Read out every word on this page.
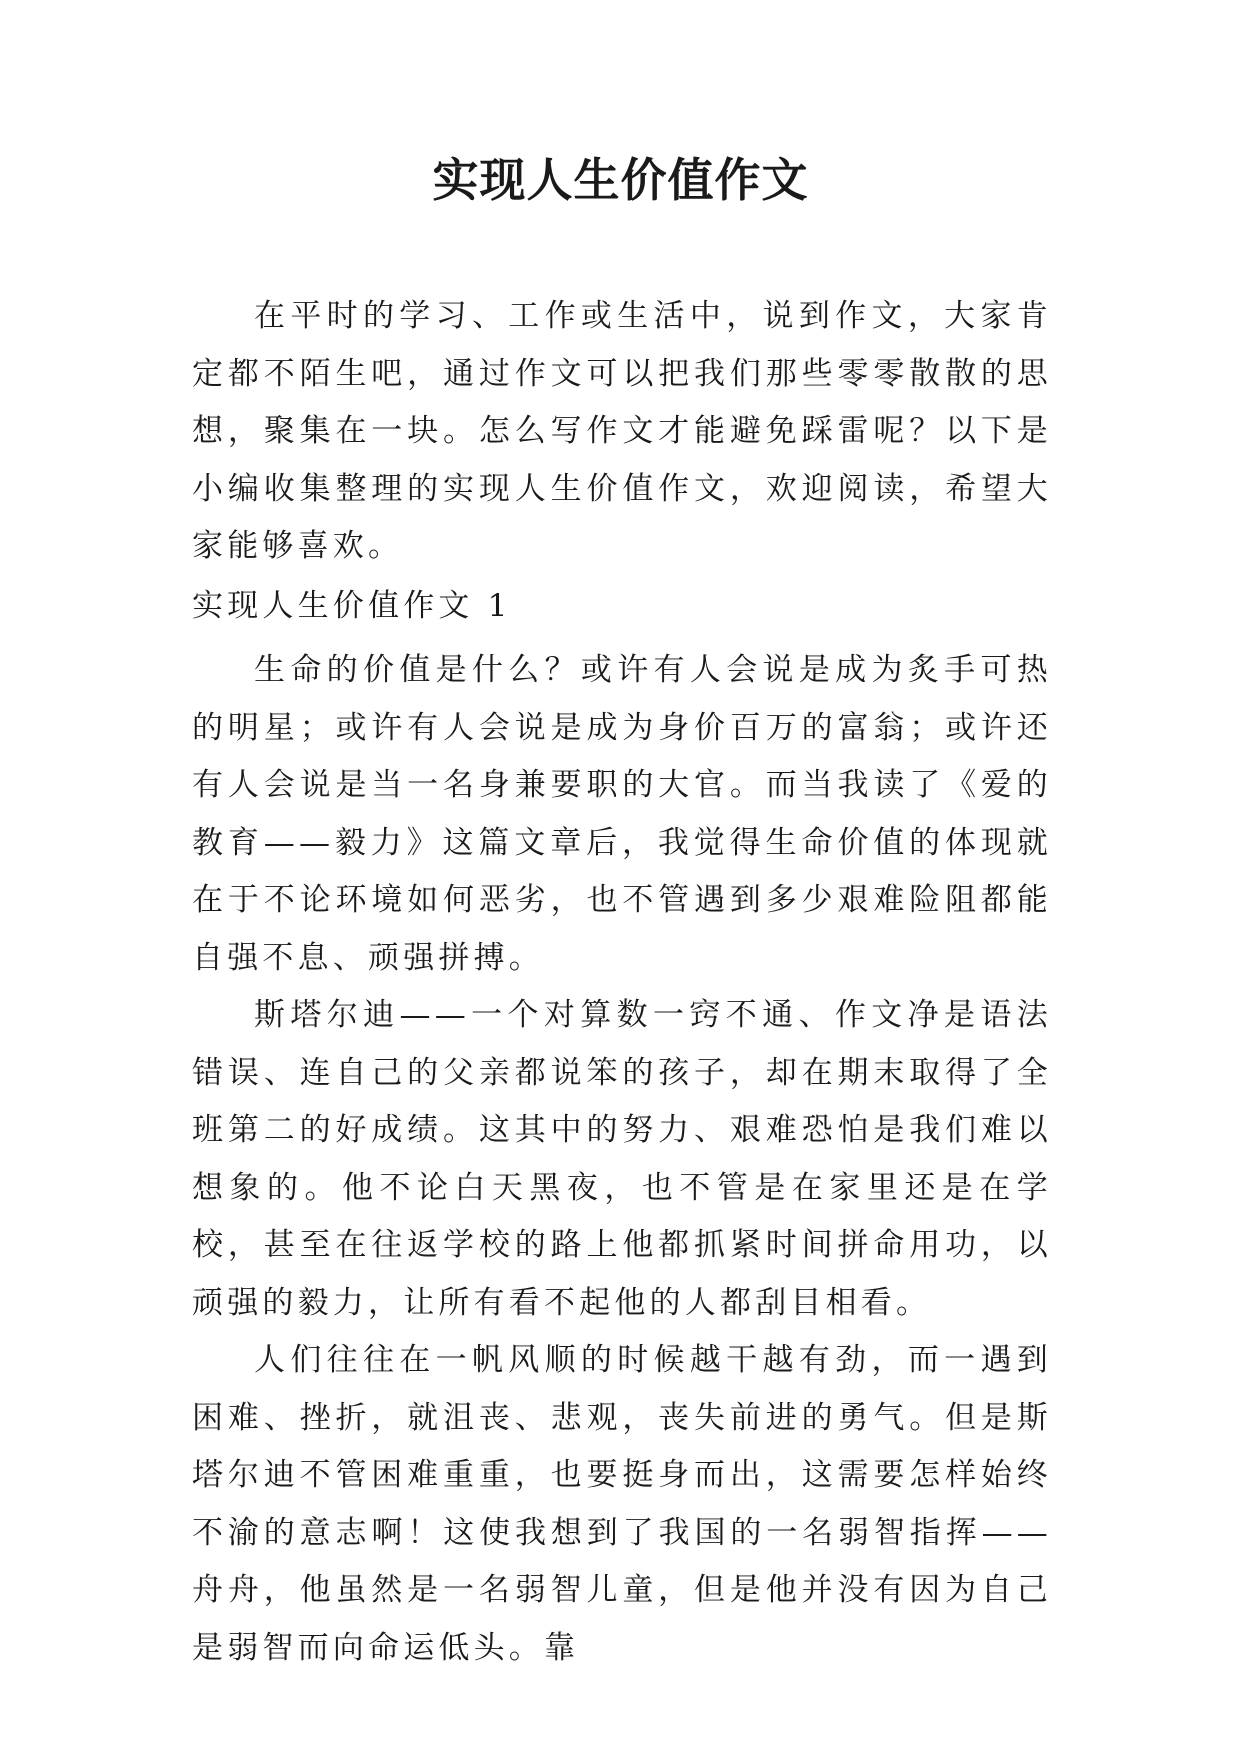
实现人生价值作文

在平时的学习、工作或生活中，说到作文，大家肯定都不陌生吧，通过作文可以把我们那些零零散散的思想，聚集在一块。怎么写作文才能避免踩雷呢？以下是小编收集整理的实现人生价值作文，欢迎阅读，希望大家能够喜欢。

实现人生价值作文 1

生命的价值是什么？或许有人会说是成为炙手可热的明星；或许有人会说是成为身价百万的富翁；或许还有人会说是当一名身兼要职的大官。而当我读了《爱的教育——毅力》这篇文章后，我觉得生命价值的体现就在于不论环境如何恶劣，也不管遇到多少艰难险阻都能自强不息、顽强拼搏。

斯塔尔迪——一个对算数一窍不通、作文净是语法错误、连自己的父亲都说笨的孩子，却在期末取得了全班第二的好成绩。这其中的努力、艰难恐怕是我们难以想象的。他不论白天黑夜，也不管是在家里还是在学校，甚至在往返学校的路上他都抓紧时间拼命用功，以顽强的毅力，让所有看不起他的人都刮目相看。

人们往往在一帆风顺的时候越干越有劲，而一遇到困难、挫折，就沮丧、悲观，丧失前进的勇气。但是斯塔尔迪不管困难重重，也要挺身而出，这需要怎样始终不渝的意志啊！这使我想到了我国的一名弱智指挥——舟舟，他虽然是一名弱智儿童，但是他并没有因为自己是弱智而向命运低头。靠
